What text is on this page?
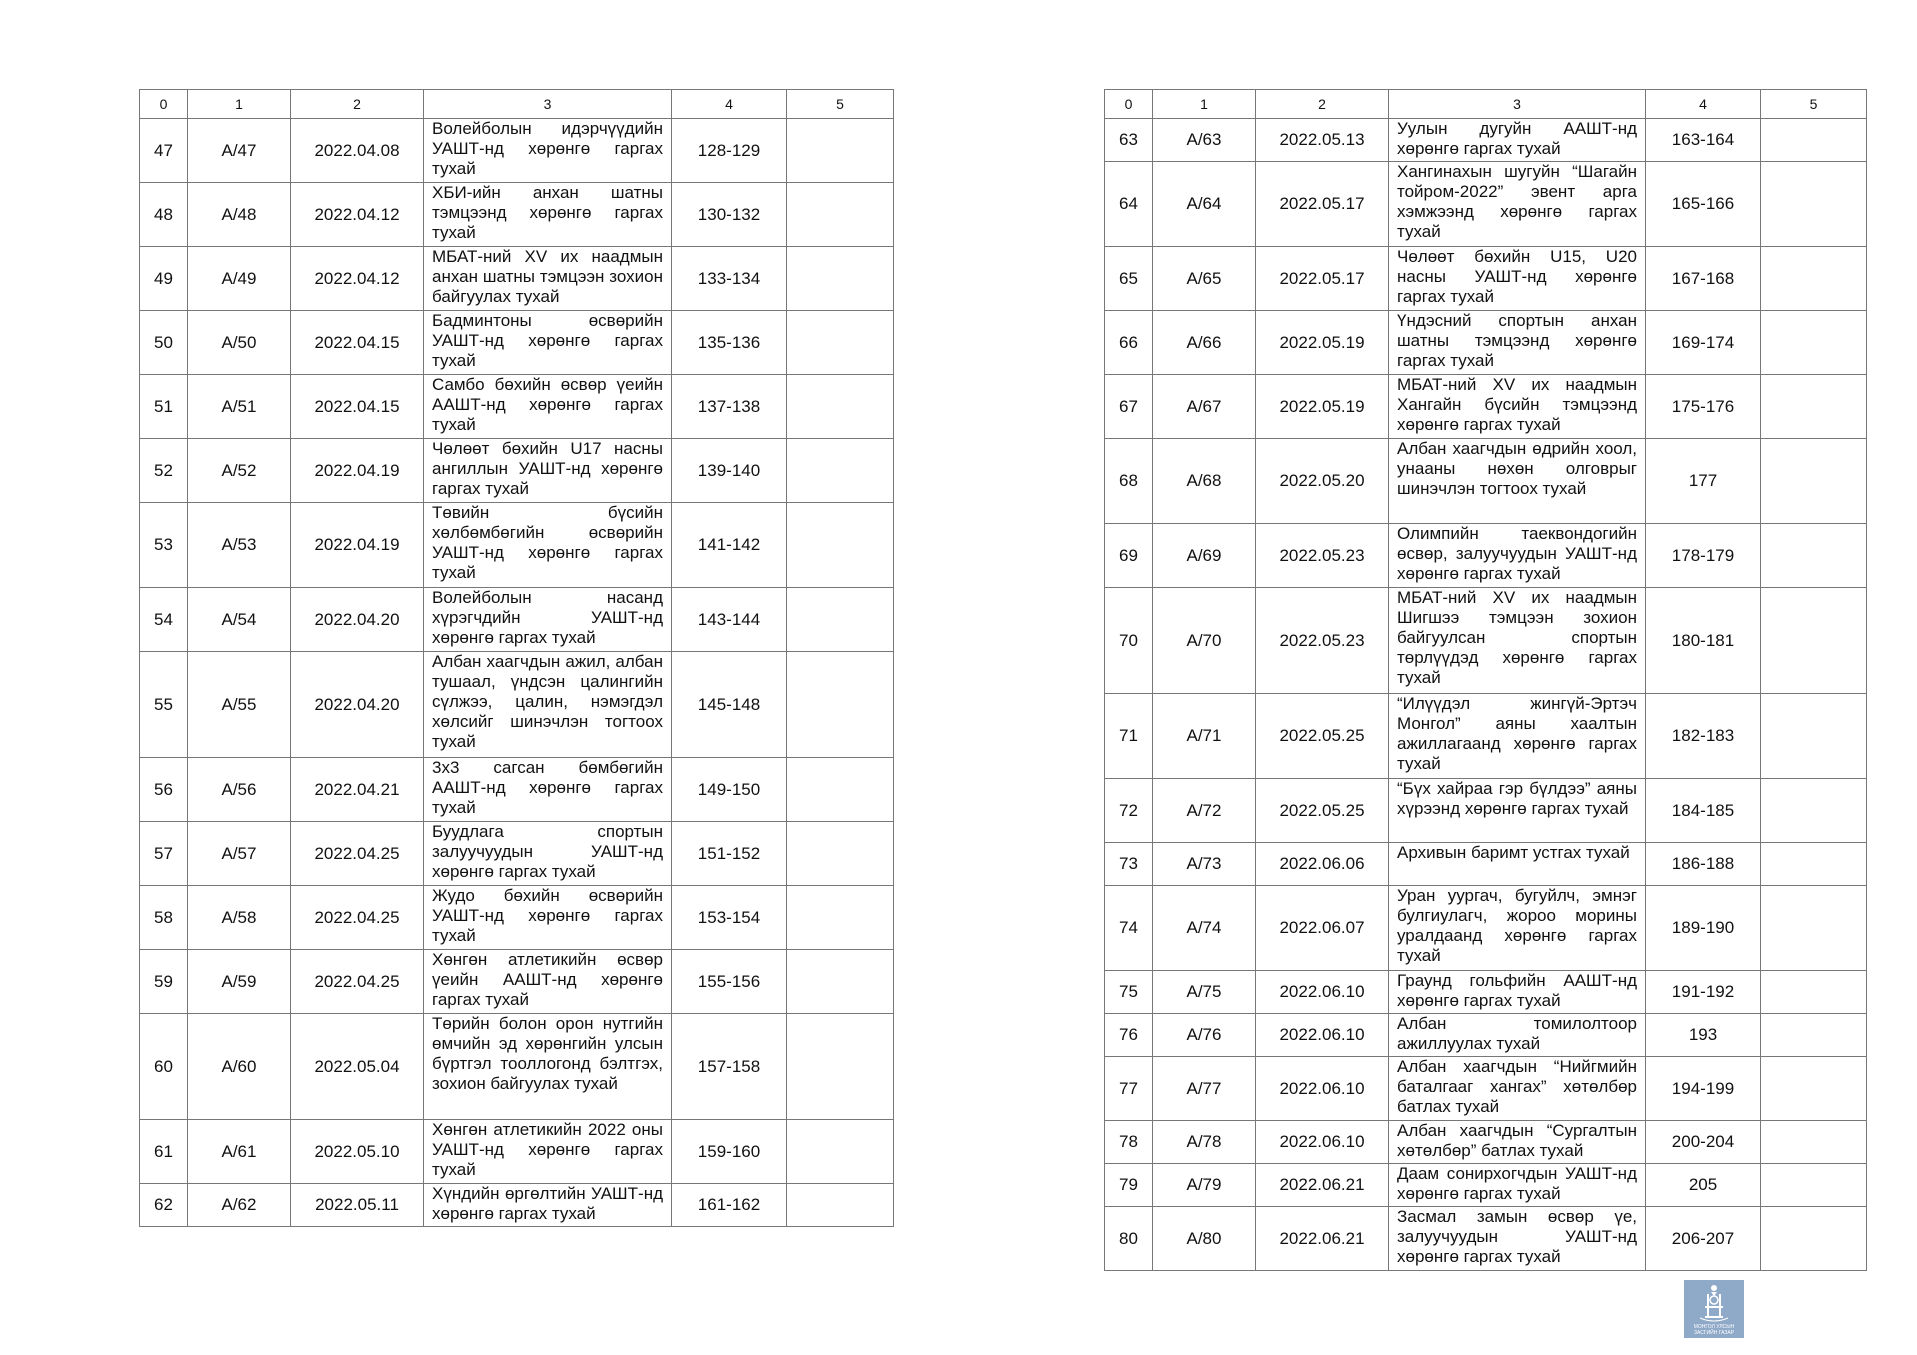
0	1	2	3	4	5
47	А/47	2022.04.08	Волейболын идэрчүүдийн УАШТ-нд хөрөнгө гаргах тухай	128-129	
48	А/48	2022.04.12	ХБИ-ийн анхан шатны тэмцээнд хөрөнгө гаргах тухай	130-132	
49	А/49	2022.04.12	МБАТ-ний XV их наадмын анхан шатны тэмцээн зохион байгуулах тухай	133-134	
50	А/50	2022.04.15	Бадминтоны өсвөрийн УАШТ-нд хөрөнгө гаргах тухай	135-136	
51	А/51	2022.04.15	Самбо бөхийн өсвөр үеийн ААШТ-нд хөрөнгө гаргах тухай	137-138	
52	А/52	2022.04.19	Чөлөөт бөхийн U17 насны ангиллын УАШТ-нд хөрөнгө гаргах тухай	139-140	
53	А/53	2022.04.19	Төвийн бүсийн хөлбөмбөгийн өсвөрийн УАШТ-нд хөрөнгө гаргах тухай	141-142	
54	А/54	2022.04.20	Волейболын насанд хүрэгчдийн УАШТ-нд хөрөнгө гаргах тухай	143-144	
55	А/55	2022.04.20	Албан хаагчдын ажил, албан тушаал, үндсэн цалингийн сүлжээ, цалин, нэмэгдэл хөлсийг шинэчлэн тогтоох тухай	145-148	
56	А/56	2022.04.21	3х3 сагсан бөмбөгийн ААШТ-нд хөрөнгө гаргах тухай	149-150	
57	А/57	2022.04.25	Буудлага спортын залуучуудын УАШТ-нд хөрөнгө гаргах тухай	151-152	
58	А/58	2022.04.25	Жудо бөхийн өсвөрийн УАШТ-нд хөрөнгө гаргах тухай	153-154	
59	А/59	2022.04.25	Хөнгөн атлетикийн өсвөр үеийн ААШТ-нд хөрөнгө гаргах тухай	155-156	
60	А/60	2022.05.04	Төрийн болон орон нутгийн өмчийн эд хөрөнгийн улсын бүртгэл тооллогонд бэлтгэх, зохион байгуулах тухай	157-158	
61	А/61	2022.05.10	Хөнгөн атлетикийн 2022 оны УАШТ-нд хөрөнгө гаргах тухай	159-160	
62	А/62	2022.05.11	Хүндийн өргөлтийн УАШТ-нд хөрөнгө гаргах тухай	161-162	
0	1	2	3	4	5
63	А/63	2022.05.13	Уулын дугуйн ААШТ-нд хөрөнгө гаргах тухай	163-164	
64	А/64	2022.05.17	Хангинахын шугуйн “Шагайн тойром-2022” эвент арга хэмжээнд хөрөнгө гаргах тухай	165-166	
65	А/65	2022.05.17	Чөлөөт бөхийн U15, U20 насны УАШТ-нд хөрөнгө гаргах тухай	167-168	
66	А/66	2022.05.19	Үндэсний спортын анхан шатны тэмцээнд хөрөнгө гаргах тухай	169-174	
67	А/67	2022.05.19	МБАТ-ний XV их наадмын Хангайн бүсийн тэмцээнд хөрөнгө гаргах тухай	175-176	
68	А/68	2022.05.20	Албан хаагчдын өдрийн хоол, унааны нөхөн олговрыг шинэчлэн тогтоох тухай	177	
69	А/69	2022.05.23	Олимпийн таеквондогийн өсвөр, залуучуудын УАШТ-нд хөрөнгө гаргах тухай	178-179	
70	А/70	2022.05.23	МБАТ-ний XV их наадмын Шигшээ тэмцээн зохион байгуулсан спортын төрлүүдэд хөрөнгө гаргах тухай	180-181	
71	А/71	2022.05.25	“Илүүдэл жингүй-Эртэч Монгол” аяны хаалтын ажиллагаанд хөрөнгө гаргах тухай	182-183	
72	А/72	2022.05.25	“Бүх хайраа гэр бүлдээ” аяны хүрээнд хөрөнгө гаргах тухай	184-185	
73	А/73	2022.06.06	Архивын баримт устгах тухай	186-188	
74	А/74	2022.06.07	Уран уургач, бугуйлч, эмнэг булгиулагч, жороо морины уралдаанд хөрөнгө гаргах тухай	189-190	
75	А/75	2022.06.10	Граунд гольфийн ААШТ-нд хөрөнгө гаргах тухай	191-192	
76	А/76	2022.06.10	Албан томилолтоор ажиллуулах тухай	193	
77	А/77	2022.06.10	Албан хаагчдын “Нийгмийн баталгааг хангах” хөтөлбөр батлах тухай	194-199	
78	А/78	2022.06.10	Албан хаагчдын “Сургалтын хөтөлбөр” батлах тухай	200-204	
79	А/79	2022.06.21	Даам сонирхогчдын УАШТ-нд хөрөнгө гаргах тухай	205	
80	А/80	2022.06.21	Засмал замын өсвөр үе, залуучуудын УАШТ-нд хөрөнгө гаргах тухай	206-207	
МОНГОЛ УЛСЫН
ЗАСГИЙН ГАЗАР
